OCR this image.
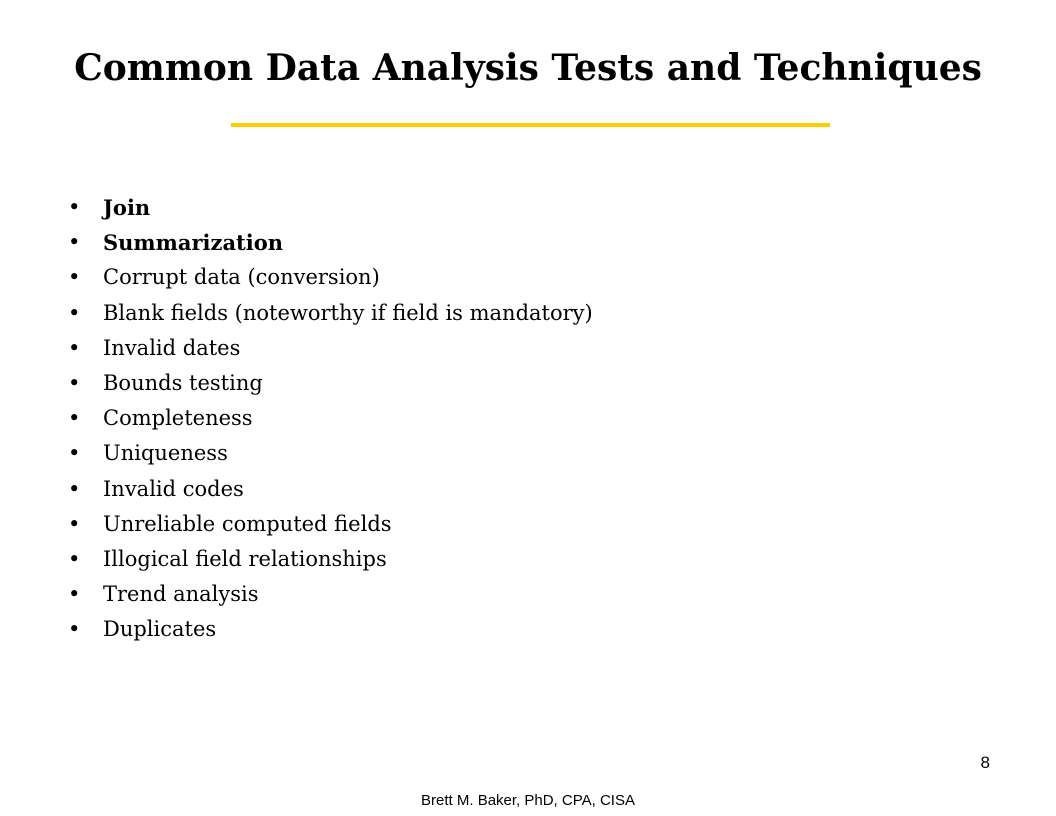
Common Data Analysis Tests and Techniques
• Join
• Summarization
• Corrupt data (conversion)
• Blank fields (noteworthy if field is mandatory)
• Invalid dates
• Bounds testing
• Completeness
• Uniqueness
• Invalid codes
• Unreliable computed fields
• Illogical field relationships
• Trend analysis
• Duplicates
8
Brett M. Baker, PhD, CPA, CISA
